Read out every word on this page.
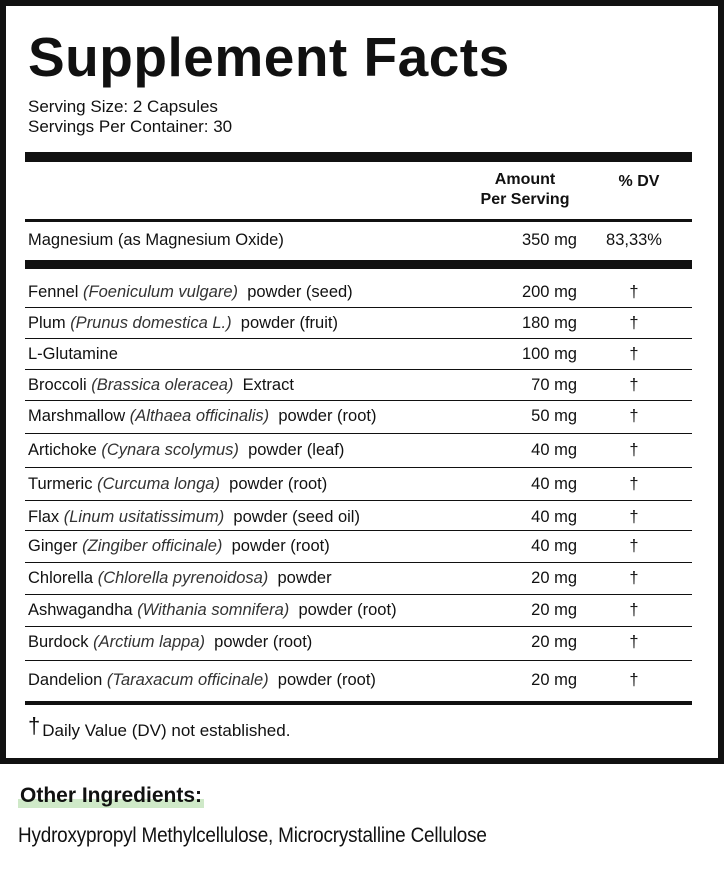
Supplement Facts
Serving Size: 2 Capsules
Servings Per Container: 30
Amount
Per Serving
% DV
Magnesium (as Magnesium Oxide)	350 mg	83,33%
Fennel (Foeniculum vulgare) powder (seed)	200 mg	†
Plum (Prunus domestica L.) powder (fruit)	180 mg	†
L-Glutamine	100 mg	†
Broccoli (Brassica oleracea) Extract	70 mg	†
Marshmallow (Althaea officinalis) powder (root)	50 mg	†
Artichoke (Cynara scolymus) powder (leaf)	40 mg	†
Turmeric (Curcuma longa) powder (root)	40 mg	†
Flax (Linum usitatissimum) powder (seed oil)	40 mg	†
Ginger (Zingiber officinale) powder (root)	40 mg	†
Chlorella (Chlorella pyrenoidosa) powder	20 mg	†
Ashwagandha (Withania somnifera) powder (root)	20 mg	†
Burdock (Arctium lappa) powder (root)	20 mg	†
Dandelion (Taraxacum officinale) powder (root)	20 mg	†
† Daily Value (DV) not established.
Other Ingredients:
Hydroxypropyl Methylcellulose, Microcrystalline Cellulose
